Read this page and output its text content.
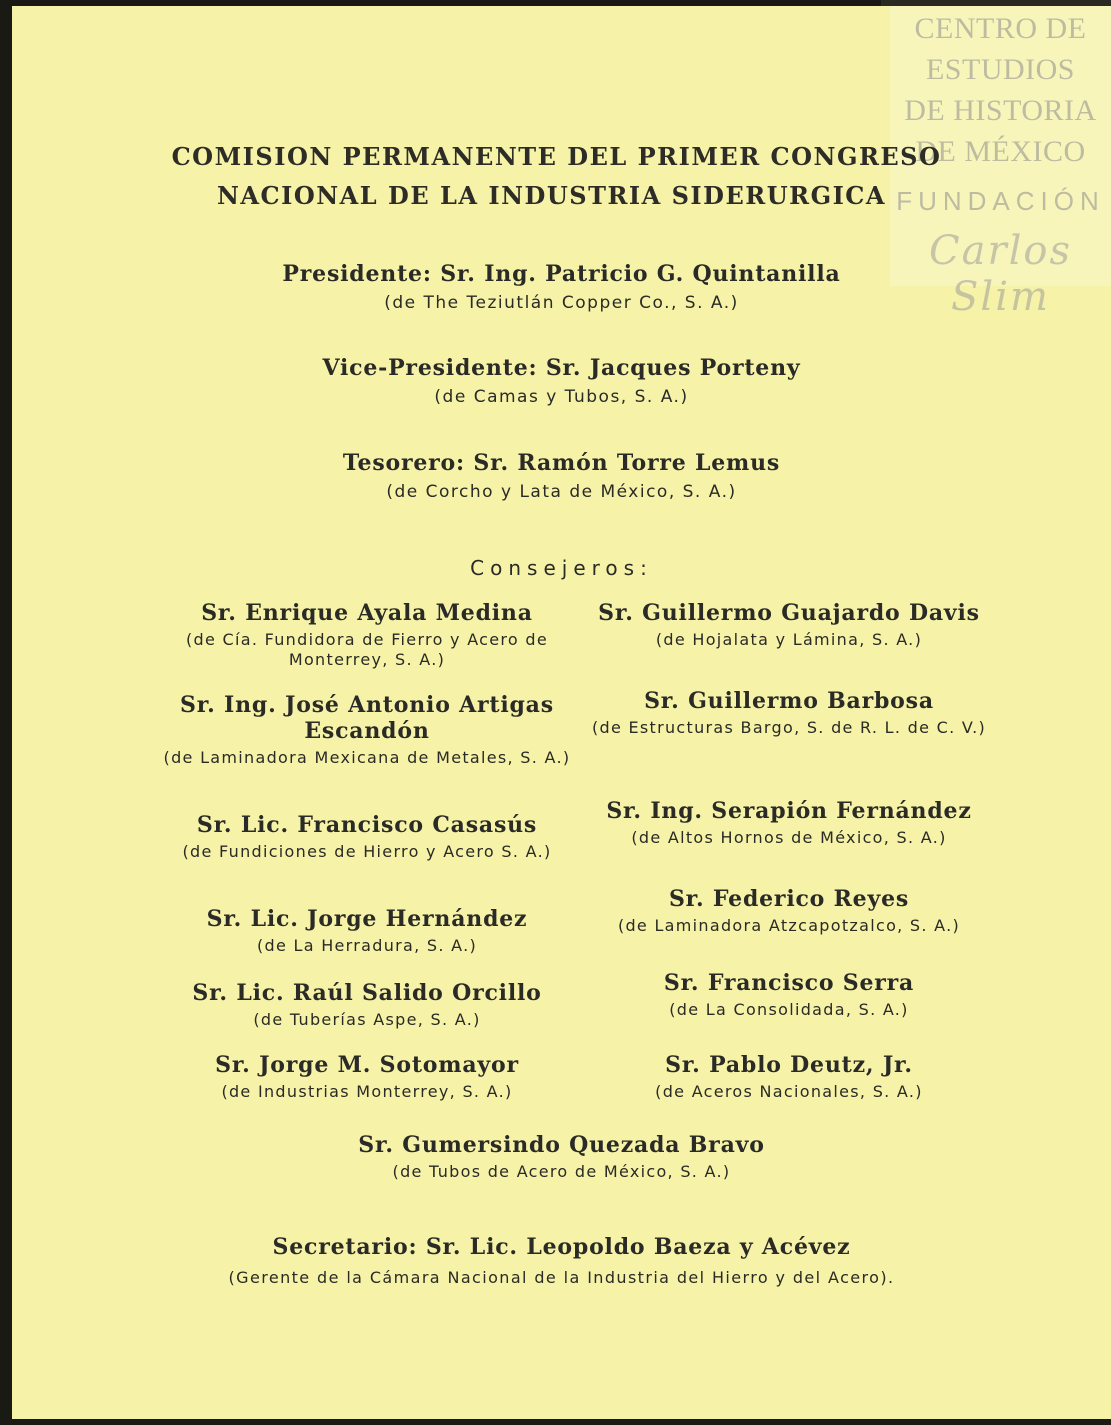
CENTRO DE
ESTUDIOS
DE HISTORIA
DE MÉXICO
FUNDACIÓN
Carlos Slim
COMISION PERMANENTE DEL PRIMER CONGRESO
NACIONAL DE LA INDUSTRIA SIDERURGICA
Presidente: Sr. Ing. Patricio G. Quintanilla
(de The Teziutlán Copper Co., S. A.)
Vice-Presidente: Sr. Jacques Porteny
(de Camas y Tubos, S. A.)
Tesorero: Sr. Ramón Torre Lemus
(de Corcho y Lata de México, S. A.)
Consejeros:
Sr. Enrique Ayala Medina
(de Cía. Fundidora de Fierro y Acero de Monterrey, S. A.)
Sr. Ing. José Antonio Artigas Escandón
(de Laminadora Mexicana de Metales, S. A.)
Sr. Lic. Francisco Casasús
(de Fundiciones de Hierro y Acero S. A.)
Sr. Lic. Jorge Hernández
(de La Herradura, S. A.)
Sr. Lic. Raúl Salido Orcillo
(de Tuberías Aspe, S. A.)
Sr. Jorge M. Sotomayor
(de Industrias Monterrey, S. A.)
Sr. Guillermo Guajardo Davis
(de Hojalata y Lámina, S. A.)
Sr. Guillermo Barbosa
(de Estructuras Bargo, S. de R. L. de C. V.)
Sr. Ing. Serapión Fernández
(de Altos Hornos de México, S. A.)
Sr. Federico Reyes
(de Laminadora Atzcapotzalco, S. A.)
Sr. Francisco Serra
(de La Consolidada, S. A.)
Sr. Pablo Deutz, Jr.
(de Aceros Nacionales, S. A.)
Sr. Gumersindo Quezada Bravo
(de Tubos de Acero de México, S. A.)
Secretario: Sr. Lic. Leopoldo Baeza y Acévez
(Gerente de la Cámara Nacional de la Industria del Hierro y del Acero).
